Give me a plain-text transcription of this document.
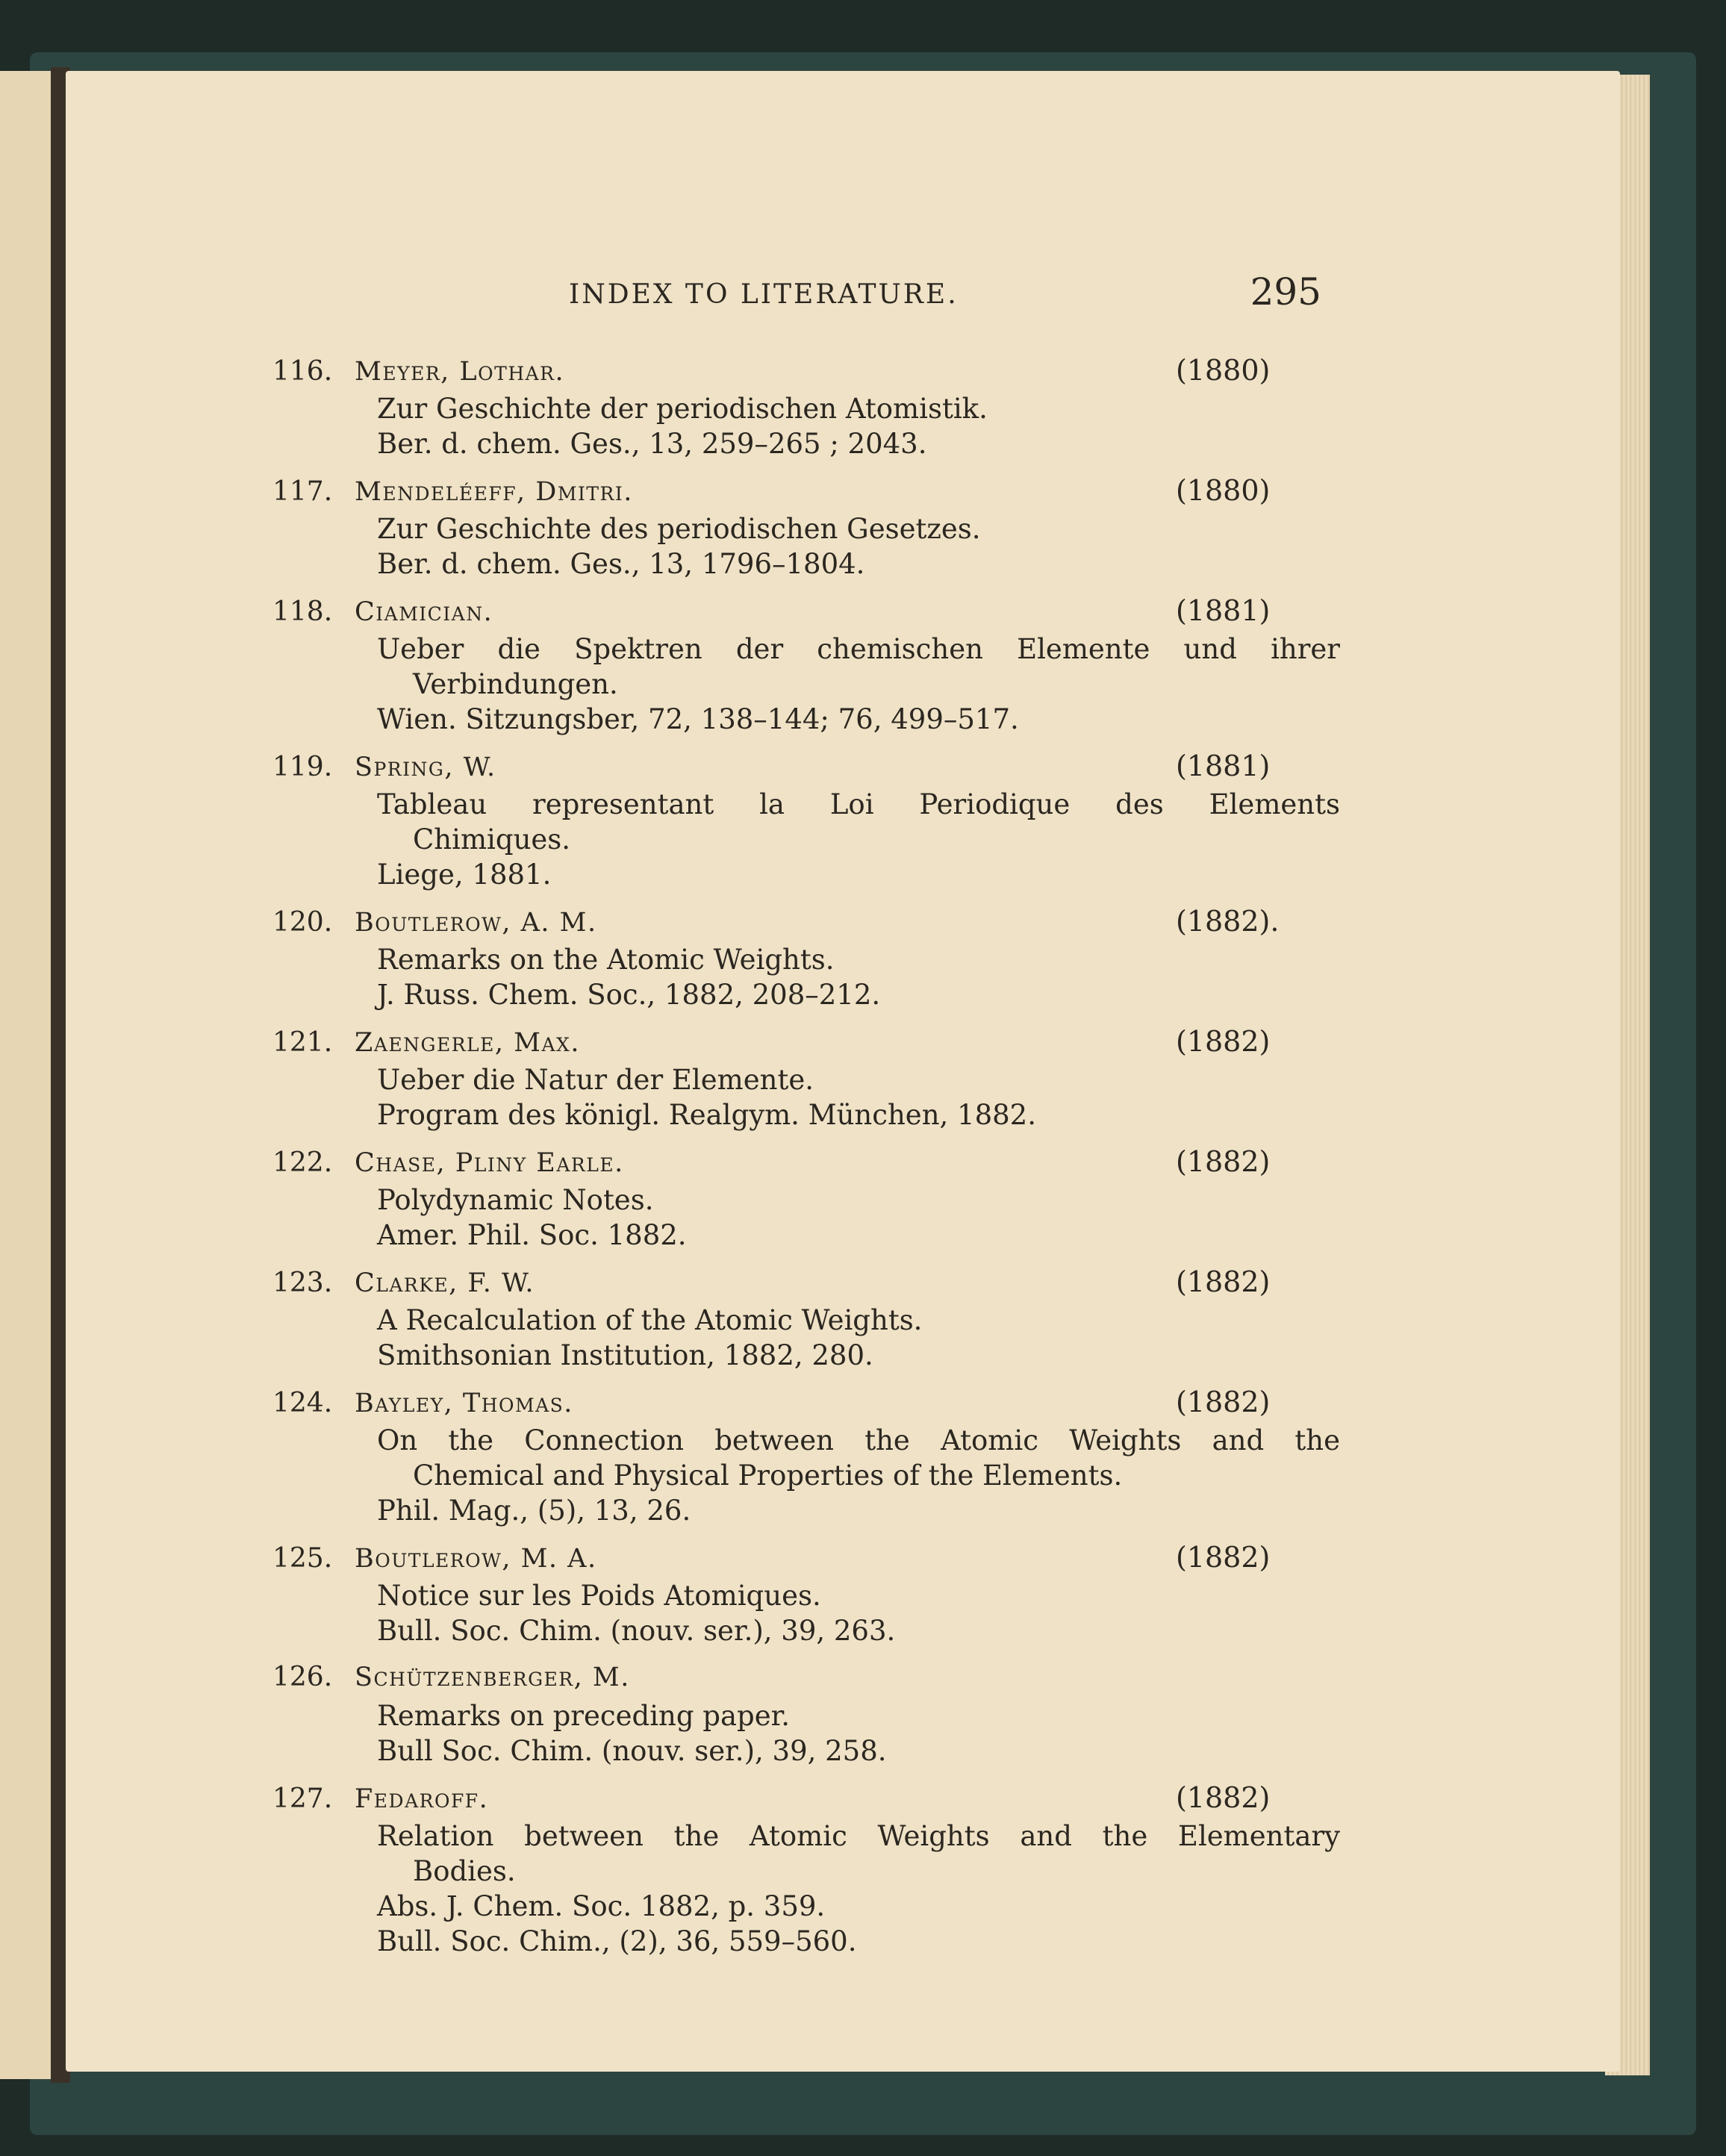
INDEX TO LITERATURE.	295
116. Meyer, Lothar.	(1880)
Zur Geschichte der periodischen Atomistik.
Ber. d. chem. Ges., 13, 259–265 ; 2043.
117. Mendeléeff, Dmitri.	(1880)
Zur Geschichte des periodischen Gesetzes.
Ber. d. chem. Ges., 13, 1796–1804.
118. Ciamician.	(1881)
Ueber die Spektren der chemischen Elemente und ihrer
Verbindungen.
Wien. Sitzungsber, 72, 138–144; 76, 499–517.
119. Spring, W.	(1881)
Tableau representant la Loi Periodique des Elements
Chimiques.
Liege, 1881.
120. Boutlerow, A. M.	(1882).
Remarks on the Atomic Weights.
J. Russ. Chem. Soc., 1882, 208–212.
121. Zaengerle, Max.	(1882)
Ueber die Natur der Elemente.
Program des königl. Realgym. München, 1882.
122. Chase, Pliny Earle.	(1882)
Polydynamic Notes.
Amer. Phil. Soc. 1882.
123. Clarke, F. W.	(1882)
A Recalculation of the Atomic Weights.
Smithsonian Institution, 1882, 280.
124. Bayley, Thomas.	(1882)
On the Connection between the Atomic Weights and the
Chemical and Physical Properties of the Elements.
Phil. Mag., (5), 13, 26.
125. Boutlerow, M. A.	(1882)
Notice sur les Poids Atomiques.
Bull. Soc. Chim. (nouv. ser.), 39, 263.
126. Schützenberger, M.
Remarks on preceding paper.
Bull Soc. Chim. (nouv. ser.), 39, 258.
127. Fedaroff.	(1882)
Relation between the Atomic Weights and the Elementary
Bodies.
Abs. J. Chem. Soc. 1882, p. 359.
Bull. Soc. Chim., (2), 36, 559–560.
